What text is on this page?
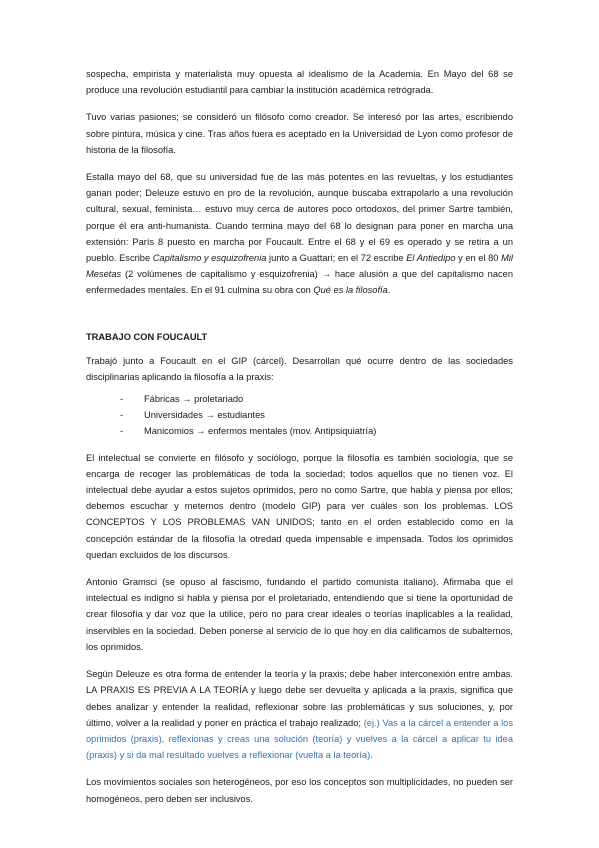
sospecha, empirista y materialista muy opuesta al idealismo de la Academia. En Mayo del 68 se produce una revolución estudiantil para cambiar la institución académica retrógrada.

Tuvo varias pasiones; se consideró un filósofo como creador. Se interesó por las artes, escribiendo sobre pintura, música y cine. Tras años fuera es aceptado en la Universidad de Lyon como profesor de historia de la filosofía.

Estalla mayo del 68, que su universidad fue de las más potentes en las revueltas, y los estudiantes ganan poder; Deleuze estuvo en pro de la revolución, aunque buscaba extrapolarlo a una revolución cultural, sexual, feminista… estuvo muy cerca de autores poco ortodoxos, del primer Sartre también, porque él era anti-humanista. Cuando termina mayo del 68 lo designan para poner en marcha una extensión: París 8 puesto en marcha por Foucault. Entre el 68 y el 69 es operado y se retira a un pueblo. Escribe Capitalismo y esquizofrenia junto a Guattari; en el 72 escribe El Antiedipo y en el 80 Mil Mesetas (2 volúmenes de capitalismo y esquizofrenia) → hace alusión a que del capitalismo nacen enfermedades mentales. En el 91 culmina su obra con Qué es la filosofía.

TRABAJO CON FOUCAULT

Trabajó junto a Foucault en el GIP (cárcel). Desarrollan qué ocurre dentro de las sociedades disciplinarias aplicando la filosofía a la praxis:

- Fábricas → proletariado
- Universidades → estudiantes
- Manicomios → enfermos mentales (mov. Antipsiquiatría)

El intelectual se convierte en filósofo y sociólogo, porque la filosofía es también sociología, que se encarga de recoger las problemáticas de toda la sociedad; todos aquellos que no tienen voz. El intelectual debe ayudar a estos sujetos oprimidos, pero no como Sartre, que habla y piensa por ellos; debemos escuchar y meternos dentro (modelo GIP) para ver cuáles son los problemas. LOS CONCEPTOS Y LOS PROBLEMAS VAN UNIDOS; tanto en el orden establecido como en la concepción estándar de la filosofía la otredad queda impensable e impensada. Todos los oprimidos quedan excluidos de los discursos.

Antonio Gramsci (se opuso al fascismo, fundando el partido comunista italiano). Afirmaba que el intelectual es indigno si habla y piensa por el proletariado, entendiendo que si tiene la oportunidad de crear filosofía y dar voz que la utilice, pero no para crear ideales o teorías inaplicables a la realidad, inservibles en la sociedad. Deben ponerse al servicio de lo que hoy en día calificamos de subalternos, los oprimidos.

Según Deleuze es otra forma de entender la teoría y la praxis; debe haber interconexión entre ambas. LA PRAXIS ES PREVIA A LA TEORÍA y luego debe ser devuelta y aplicada a la praxis, significa que debes analizar y entender la realidad, reflexionar sobre las problemáticas y sus soluciones, y, por último, volver a la realidad y poner en práctica el trabajo realizado; (ej.) Vas a la cárcel a entender a los oprimidos (praxis), reflexionas y creas una solución (teoría) y vuelves a la cárcel a aplicar tu idea (praxis) y si da mal resultado vuelves a reflexionar (vuelta a la teoría).

Los movimientos sociales son heterogéneos, por eso los conceptos son multiplicidades, no pueden ser homogéneos, pero deben ser inclusivos.
